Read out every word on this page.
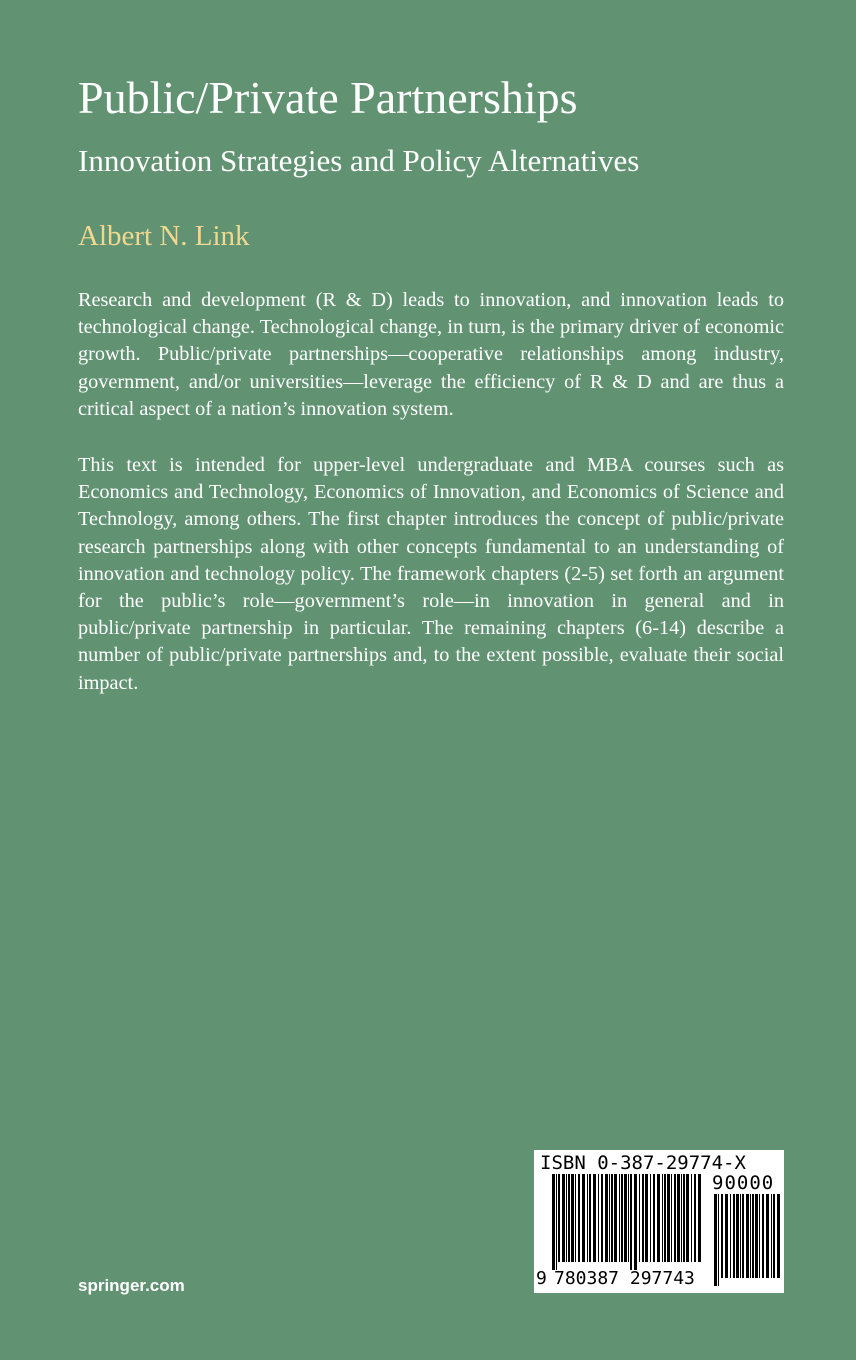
Public/Private Partnerships
Innovation Strategies and Policy Alternatives
Albert N. Link

Research and development (R & D) leads to innovation, and innovation leads to technological change. Technological change, in turn, is the primary driver of economic growth. Public/private partnerships—cooperative relationships among industry, government, and/or universities—leverage the efficiency of R & D and are thus a critical aspect of a nation’s innovation system.

This text is intended for upper-level undergraduate and MBA courses such as Economics and Technology, Economics of Innovation, and Economics of Science and Technology, among others. The first chapter introduces the concept of public/private research partnerships along with other concepts fundamental to an understanding of innovation and technology policy. The framework chapters (2-5) set forth an argument for the public’s role—government’s role—in innovation in general and in public/private partnership in particular. The remaining chapters (6-14) describe a number of public/private partnerships and, to the extent possible, evaluate their social impact.

springer.com
ISBN 0-387-29774-X
90000
9 780387 297743
